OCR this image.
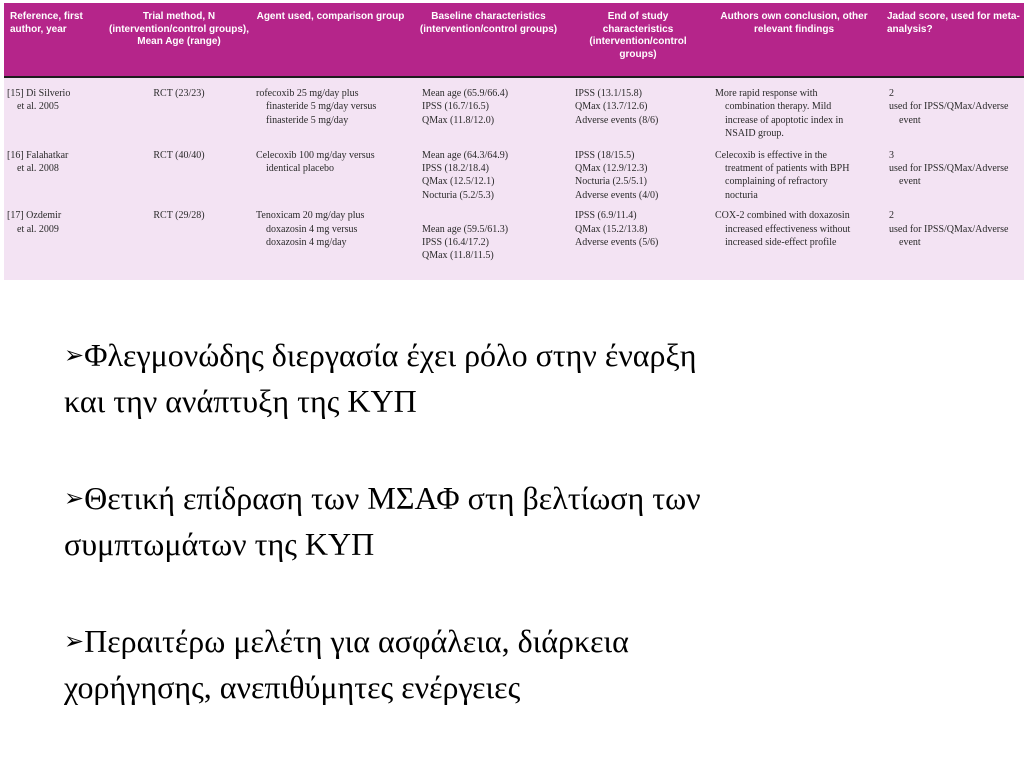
Reference, first author, year	Trial method, N (intervention/control groups), Mean Age (range)	Agent used, comparison group	Baseline characteristics (intervention/control groups)	End of study characteristics (intervention/control groups)	Authors own conclusion, other relevant findings	Jadad score, used for meta-analysis?

[15] Di Silverio
et al. 2005	RCT (23/23)	rofecoxib 25 mg/day plus
finasteride 5 mg/day versus
finasteride 5 mg/day	Mean age (65.9/66.4)
IPSS (16.7/16.5)
QMax (11.8/12.0)	IPSS (13.1/15.8)
QMax (13.7/12.6)
Adverse events (8/6)	More rapid response with
combination therapy. Mild
increase of apoptotic index in
NSAID group.	2
used for IPSS/QMax/Adverse
event

[16] Falahatkar
et al. 2008	RCT (40/40)	Celecoxib 100 mg/day versus
identical placebo	Mean age (64.3/64.9)
IPSS (18.2/18.4)
QMax (12.5/12.1)
Nocturia (5.2/5.3)	IPSS (18/15.5)
QMax (12.9/12.3)
Nocturia (2.5/5.1)
Adverse events (4/0)	Celecoxib is effective in the
treatment of patients with BPH
complaining of refractory
nocturia	3
used for IPSS/QMax/Adverse
event

[17] Ozdemir
et al. 2009	RCT (29/28)	Tenoxicam 20 mg/day plus
doxazosin 4 mg versus
doxazosin 4 mg/day	Mean age (59.5/61.3)
IPSS (16.4/17.2)
QMax (11.8/11.5)	IPSS (6.9/11.4)
QMax (15.2/13.8)
Adverse events (5/6)	COX-2 combined with doxazosin
increased effectiveness without
increased side-effect profile	2
used for IPSS/QMax/Adverse
event
➢Φλεγμονώδης διεργασία έχει ρόλο στην έναρξη
και την ανάπτυξη της ΚΥΠ
➢Θετική επίδραση των ΜΣΑΦ στη βελτίωση των
συμπτωμάτων της ΚΥΠ
➢Περαιτέρω μελέτη για ασφάλεια, διάρκεια
χορήγησης, ανεπιθύμητες ενέργειες
